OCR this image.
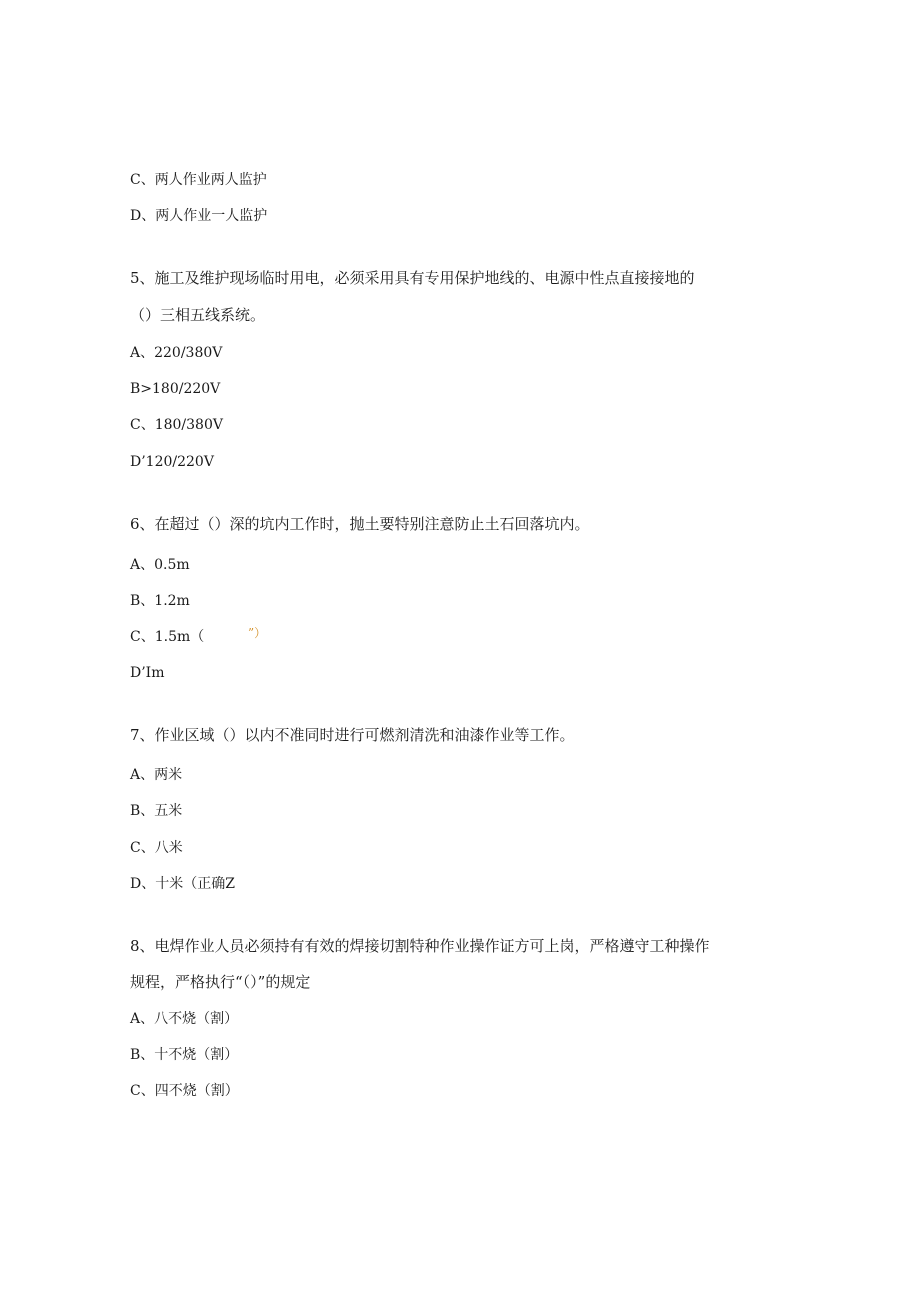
C、两人作业两人监护
D、两人作业一人监护
5、施工及维护现场临时用电，必须采用具有专用保护地线的、电源中性点直接接地的
（）三相五线系统。
A、220/380V
B>180/220V
C、180/380V
D’120/220V
6、在超过（）深的坑内工作时，抛土要特别注意防止土石回落坑内。
A、0.5m
B、1.2m
C、1.5m（	”）
D’Im
7、作业区域（）以内不准同时进行可燃剂清洗和油漆作业等工作。
A、两米
B、五米
C、八米
D、十米（正确Z
8、电焊作业人员必须持有有效的焊接切割特种作业操作证方可上岗，严格遵守工种操作
规程，严格执行“（）”的规定
A、八不烧（割）
B、十不烧（割）
C、四不烧（割）
